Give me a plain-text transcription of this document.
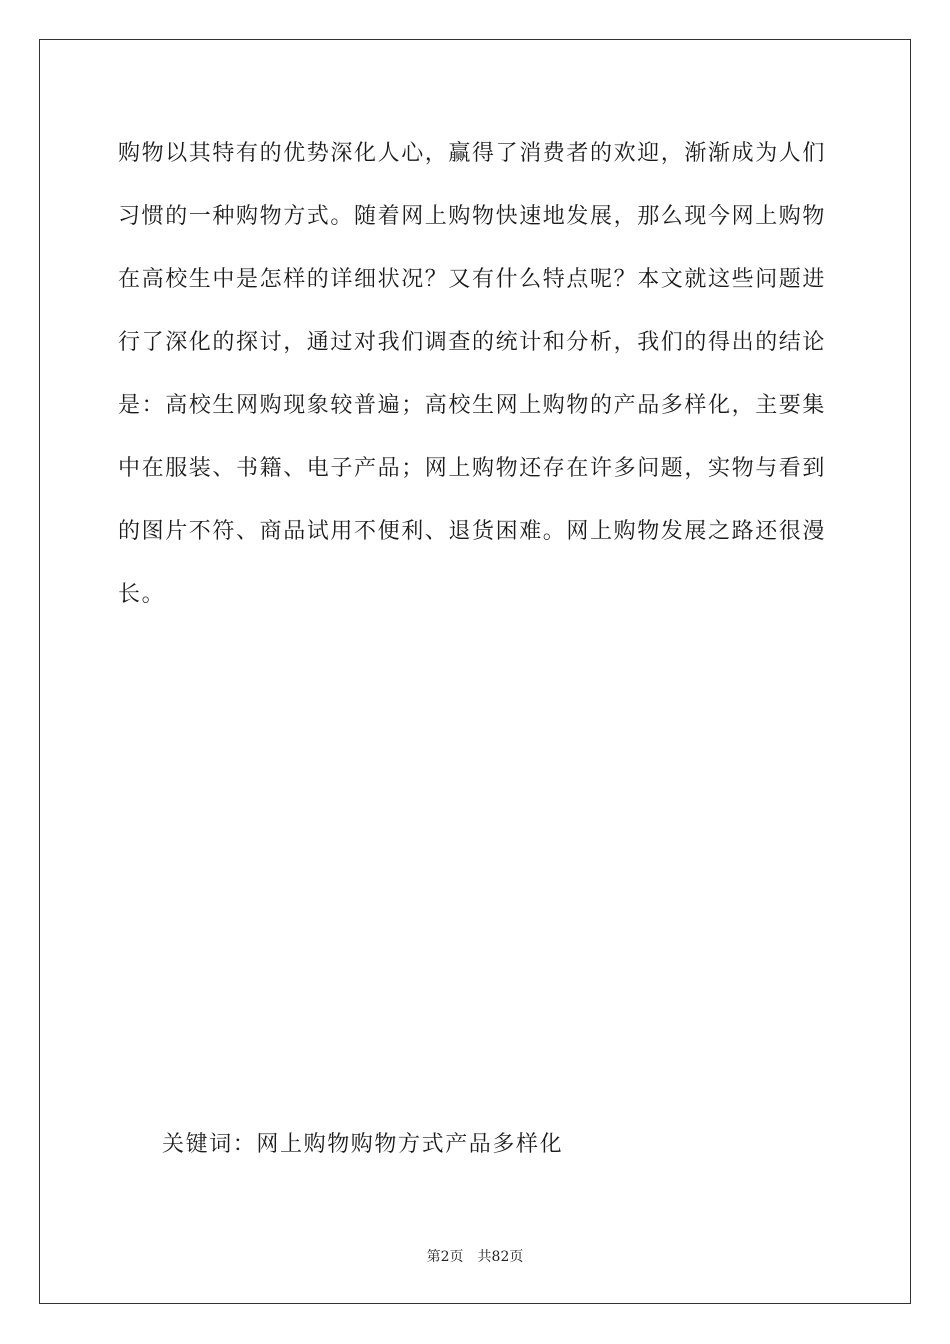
购物以其特有的优势深化人心，赢得了消费者的欢迎，渐渐成为人们
习惯的一种购物方式。随着网上购物快速地发展，那么现今网上购物
在高校生中是怎样的详细状况？又有什么特点呢？本文就这些问题进
行了深化的探讨，通过对我们调查的统计和分析，我们的得出的结论
是：高校生网购现象较普遍；高校生网上购物的产品多样化，主要集
中在服装、书籍、电子产品；网上购物还存在许多问题，实物与看到
的图片不符、商品试用不便利、退货困难。网上购物发展之路还很漫
长。
关键词：网上购物购物方式产品多样化
第2页 共82页
